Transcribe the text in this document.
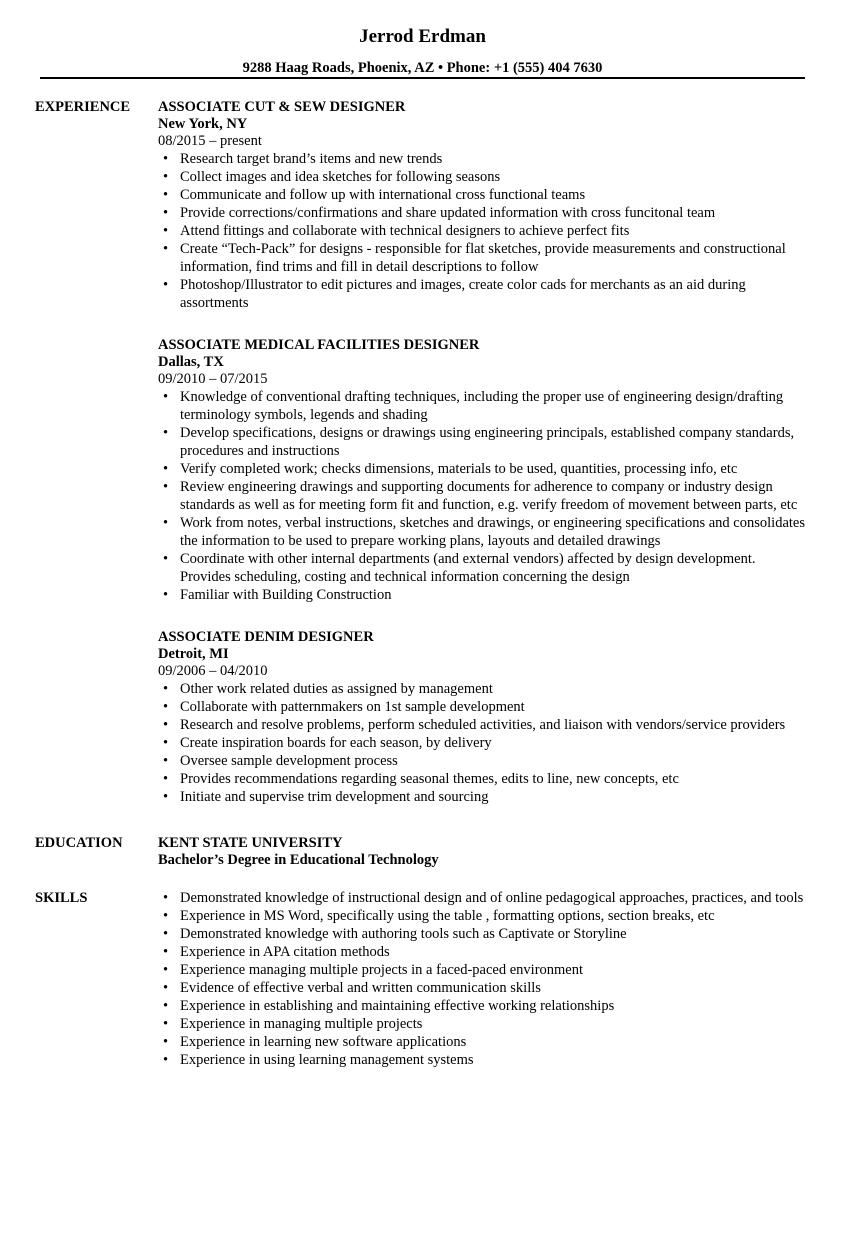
Jerrod Erdman
9288 Haag Roads, Phoenix, AZ • Phone: +1 (555) 404 7630
EXPERIENCE ASSOCIATE CUT & SEW DESIGNER
New York, NY
08/2015 – present
• Research target brand’s items and new trends
• Collect images and idea sketches for following seasons
• Communicate and follow up with international cross functional teams
• Provide corrections/confirmations and share updated information with cross funcitonal team
• Attend fittings and collaborate with technical designers to achieve perfect fits
• Create “Tech-Pack” for designs - responsible for flat sketches, provide measurements and constructional information, find trims and fill in detail descriptions to follow
• Photoshop/Illustrator to edit pictures and images, create color cads for merchants as an aid during assortments
ASSOCIATE MEDICAL FACILITIES DESIGNER
Dallas, TX
09/2010 – 07/2015
• Knowledge of conventional drafting techniques, including the proper use of engineering design/drafting terminology symbols, legends and shading
• Develop specifications, designs or drawings using engineering principals, established company standards, procedures and instructions
• Verify completed work; checks dimensions, materials to be used, quantities, processing info, etc
• Review engineering drawings and supporting documents for adherence to company or industry design standards as well as for meeting form fit and function, e.g. verify freedom of movement between parts, etc
• Work from notes, verbal instructions, sketches and drawings, or engineering specifications and consolidates the information to be used to prepare working plans, layouts and detailed drawings
• Coordinate with other internal departments (and external vendors) affected by design development. Provides scheduling, costing and technical information concerning the design
• Familiar with Building Construction
ASSOCIATE DENIM DESIGNER
Detroit, MI
09/2006 – 04/2010
• Other work related duties as assigned by management
• Collaborate with patternmakers on 1st sample development
• Research and resolve problems, perform scheduled activities, and liaison with vendors/service providers
• Create inspiration boards for each season, by delivery
• Oversee sample development process
• Provides recommendations regarding seasonal themes, edits to line, new concepts, etc
• Initiate and supervise trim development and sourcing
EDUCATION KENT STATE UNIVERSITY
Bachelor’s Degree in Educational Technology
SKILLS
•	Demonstrated knowledge of instructional design and of online pedagogical approaches, practices, and tools
• Experience in MS Word, specifically using the table , formatting options, section breaks, etc
• Demonstrated knowledge with authoring tools such as Captivate or Storyline
• Experience in APA citation methods
• Experience managing multiple projects in a faced-paced environment
• Evidence of effective verbal and written communication skills
• Experience in establishing and maintaining effective working relationships
• Experience in managing multiple projects
• Experience in learning new software applications
• Experience in using learning management systems
